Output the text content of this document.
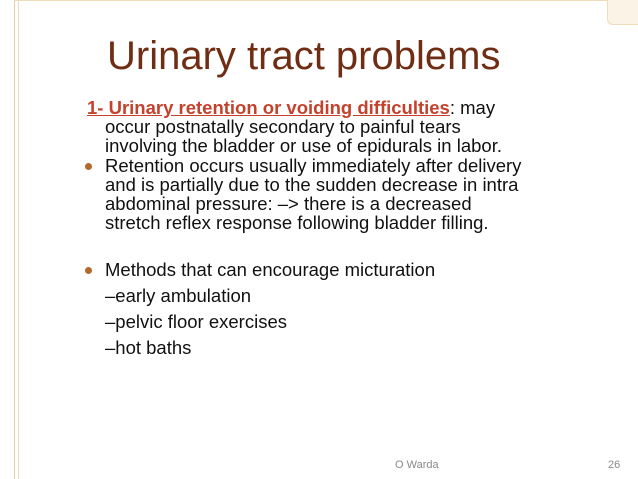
Urinary tract problems

1- Urinary retention or voiding difficulties: may
occur postnatally secondary to painful tears
involving the bladder or use of epidurals in labor.

Retention occurs usually immediately after delivery
and is partially due to the sudden decrease in intra
abdominal pressure: –> there is a decreased
stretch reflex response following bladder filling.
Methods that can encourage micturation
–early ambulation
–pelvic floor exercises
–hot baths
O Warda	26
